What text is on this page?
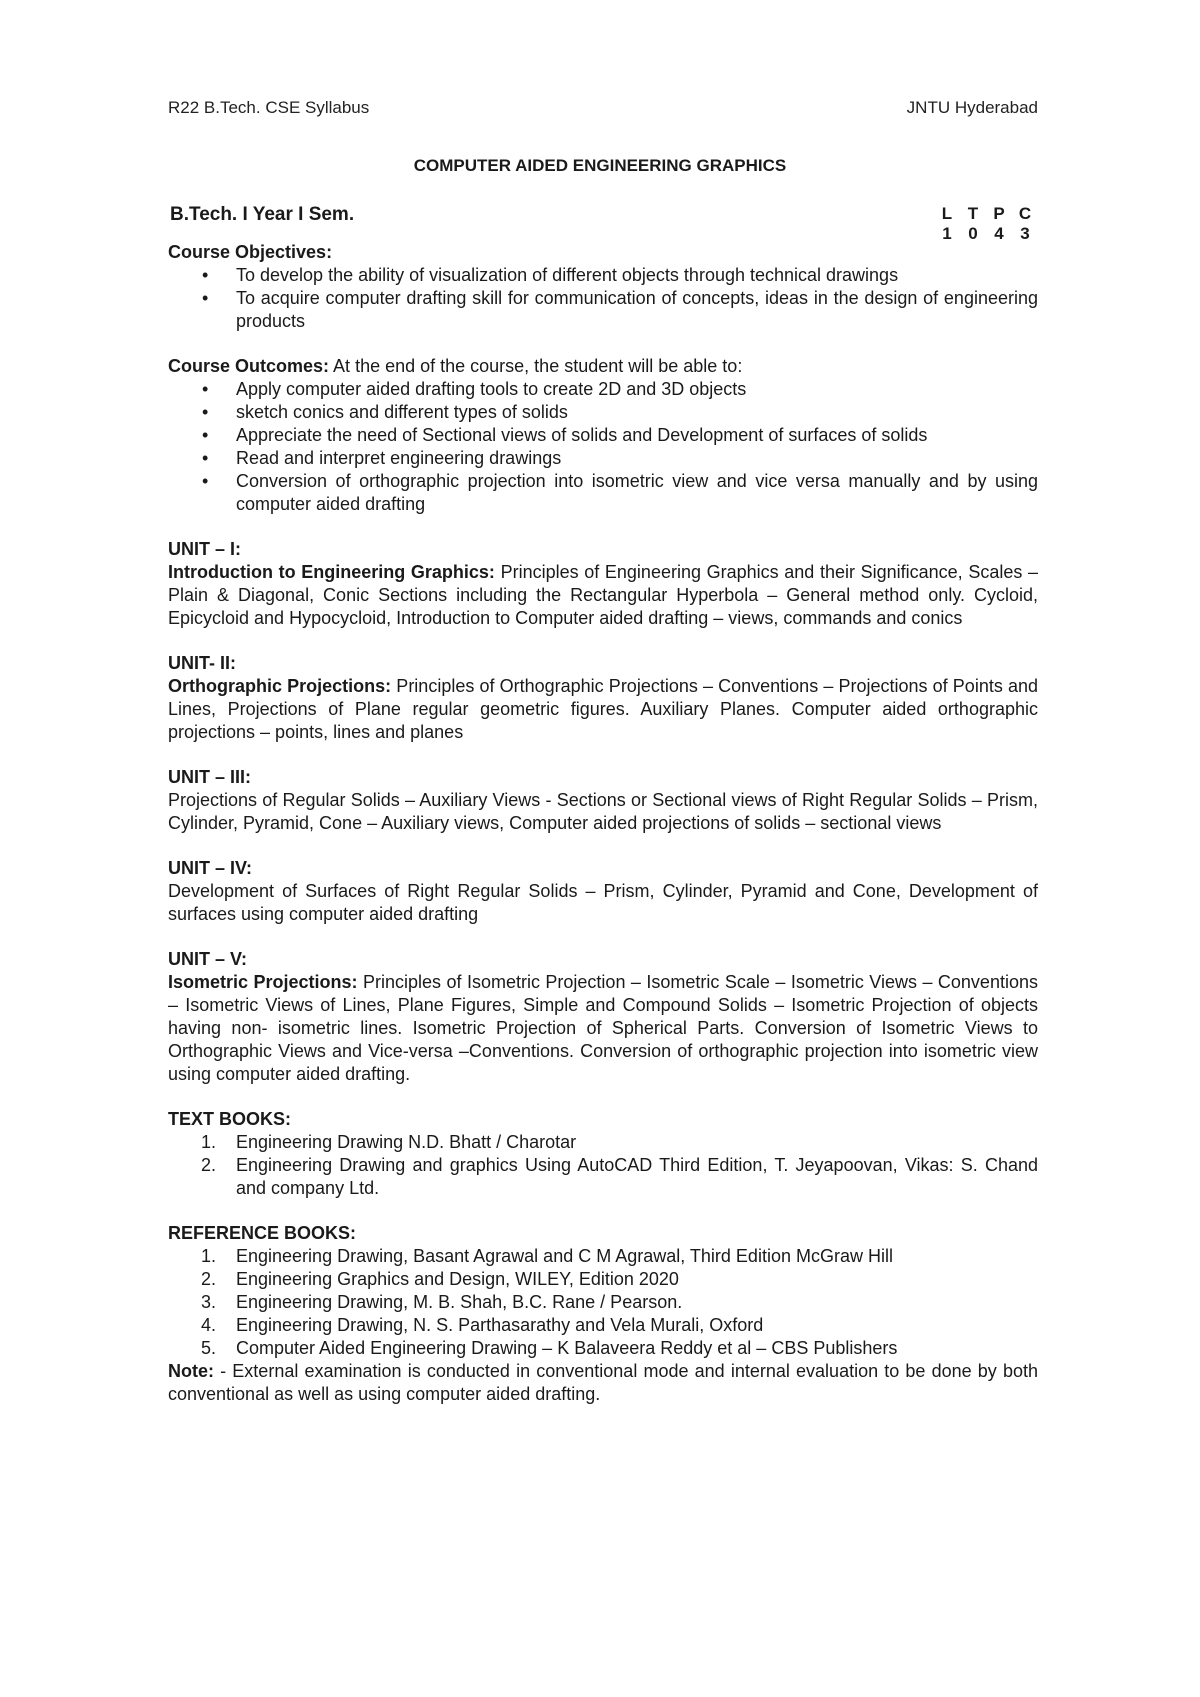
R22 B.Tech. CSE Syllabus	JNTU Hyderabad
COMPUTER AIDED ENGINEERING GRAPHICS
B.Tech. I Year I Sem.	L T P C
1 0 4 3
Course Objectives:
• To develop the ability of visualization of different objects through technical drawings
• To acquire computer drafting skill for communication of concepts, ideas in the design of engineering products
Course Outcomes: At the end of the course, the student will be able to:
• Apply computer aided drafting tools to create 2D and 3D objects
• sketch conics and different types of solids
• Appreciate the need of Sectional views of solids and Development of surfaces of solids
• Read and interpret engineering drawings
• Conversion of orthographic projection into isometric view and vice versa manually and by using computer aided drafting
UNIT – I:
Introduction to Engineering Graphics: Principles of Engineering Graphics and their Significance, Scales – Plain & Diagonal, Conic Sections including the Rectangular Hyperbola – General method only. Cycloid, Epicycloid and Hypocycloid, Introduction to Computer aided drafting – views, commands and conics
UNIT- II:
Orthographic Projections: Principles of Orthographic Projections – Conventions – Projections of Points and Lines, Projections of Plane regular geometric figures. Auxiliary Planes. Computer aided orthographic projections – points, lines and planes
UNIT – III:
Projections of Regular Solids – Auxiliary Views - Sections or Sectional views of Right Regular Solids – Prism, Cylinder, Pyramid, Cone – Auxiliary views, Computer aided projections of solids – sectional views
UNIT – IV:
Development of Surfaces of Right Regular Solids – Prism, Cylinder, Pyramid and Cone, Development of surfaces using computer aided drafting
UNIT – V:
Isometric Projections: Principles of Isometric Projection – Isometric Scale – Isometric Views – Conventions – Isometric Views of Lines, Plane Figures, Simple and Compound Solids – Isometric Projection of objects having non- isometric lines. Isometric Projection of Spherical Parts. Conversion of Isometric Views to Orthographic Views and Vice-versa –Conventions. Conversion of orthographic projection into isometric view using computer aided drafting.
TEXT BOOKS:
1. Engineering Drawing N.D. Bhatt / Charotar
2. Engineering Drawing and graphics Using AutoCAD Third Edition, T. Jeyapoovan, Vikas: S. Chand and company Ltd.
REFERENCE BOOKS:
1. Engineering Drawing, Basant Agrawal and C M Agrawal, Third Edition McGraw Hill
2. Engineering Graphics and Design, WILEY, Edition 2020
3. Engineering Drawing, M. B. Shah, B.C. Rane / Pearson.
4. Engineering Drawing, N. S. Parthasarathy and Vela Murali, Oxford
5. Computer Aided Engineering Drawing – K Balaveera Reddy et al – CBS Publishers
Note: - External examination is conducted in conventional mode and internal evaluation to be done by both conventional as well as using computer aided drafting.
